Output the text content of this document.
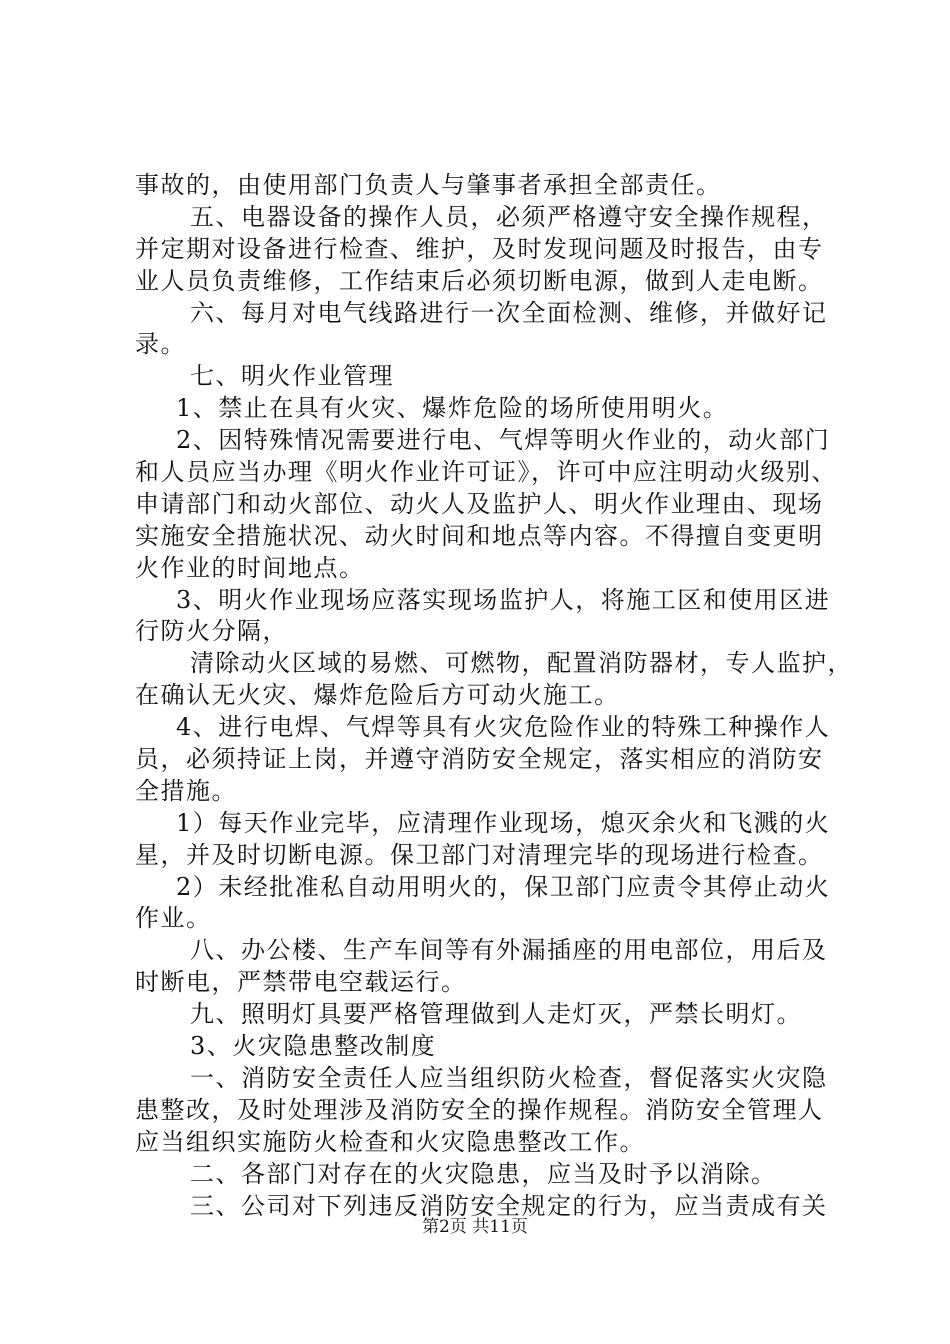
事故的，由使用部门负责人与肇事者承担全部责任。
五、电器设备的操作人员，必须严格遵守安全操作规程，
并定期对设备进行检查、维护，及时发现问题及时报告，由专
业人员负责维修，工作结束后必须切断电源，做到人走电断。
六、每月对电气线路进行一次全面检测、维修，并做好记
录。
七、明火作业管理
1、禁止在具有火灾、爆炸危险的场所使用明火。
2、因特殊情况需要进行电、气焊等明火作业的，动火部门
和人员应当办理《明火作业许可证》，许可中应注明动火级别、
申请部门和动火部位、动火人及监护人、明火作业理由、现场
实施安全措施状况、动火时间和地点等内容。不得擅自变更明
火作业的时间地点。
3、明火作业现场应落实现场监护人，将施工区和使用区进
行防火分隔，
清除动火区域的易燃、可燃物，配置消防器材，专人监护，
在确认无火灾、爆炸危险后方可动火施工。
4、进行电焊、气焊等具有火灾危险作业的特殊工种操作人
员，必须持证上岗，并遵守消防安全规定，落实相应的消防安
全措施。
1）每天作业完毕，应清理作业现场，熄灭余火和飞溅的火
星，并及时切断电源。保卫部门对清理完毕的现场进行检查。
2）未经批准私自动用明火的，保卫部门应责令其停止动火
作业。
八、办公楼、生产车间等有外漏插座的用电部位，用后及
时断电，严禁带电空载运行。
九、照明灯具要严格管理做到人走灯灭，严禁长明灯。
3、火灾隐患整改制度
一、消防安全责任人应当组织防火检查，督促落实火灾隐
患整改，及时处理涉及消防安全的操作规程。消防安全管理人
应当组织实施防火检查和火灾隐患整改工作。
二、各部门对存在的火灾隐患，应当及时予以消除。
三、公司对下列违反消防安全规定的行为，应当责成有关
第2页 共11页
